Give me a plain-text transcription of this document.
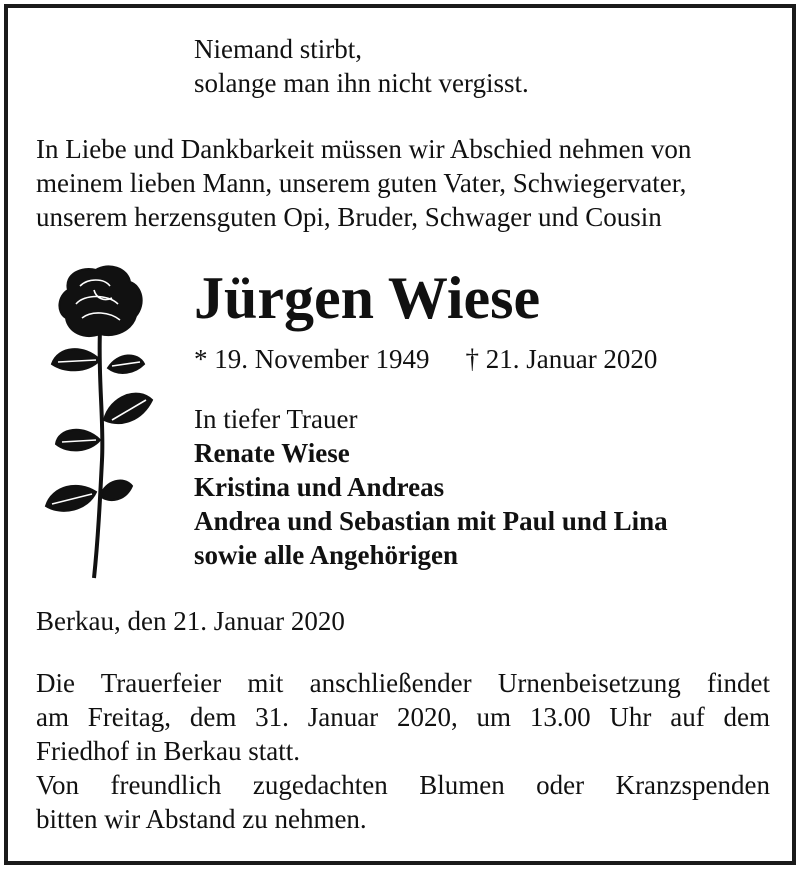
Niemand stirbt,
solange man ihn nicht vergisst.
In Liebe und Dankbarkeit müssen wir Abschied nehmen von
meinem lieben Mann, unserem guten Vater, Schwiegervater,
unserem herzensguten Opi, Bruder, Schwager und Cousin
Jürgen Wiese
* 19. November 1949 † 21. Januar 2020
In tiefer Trauer
Renate Wiese
Kristina und Andreas
Andrea und Sebastian mit Paul und Lina
sowie alle Angehörigen
Berkau, den 21. Januar 2020
Die Trauerfeier mit anschließender Urnenbeisetzung findet
am Freitag, dem 31. Januar 2020, um 13.00 Uhr auf dem
Friedhof in Berkau statt.
Von freundlich zugedachten Blumen oder Kranzspenden
bitten wir Abstand zu nehmen.
